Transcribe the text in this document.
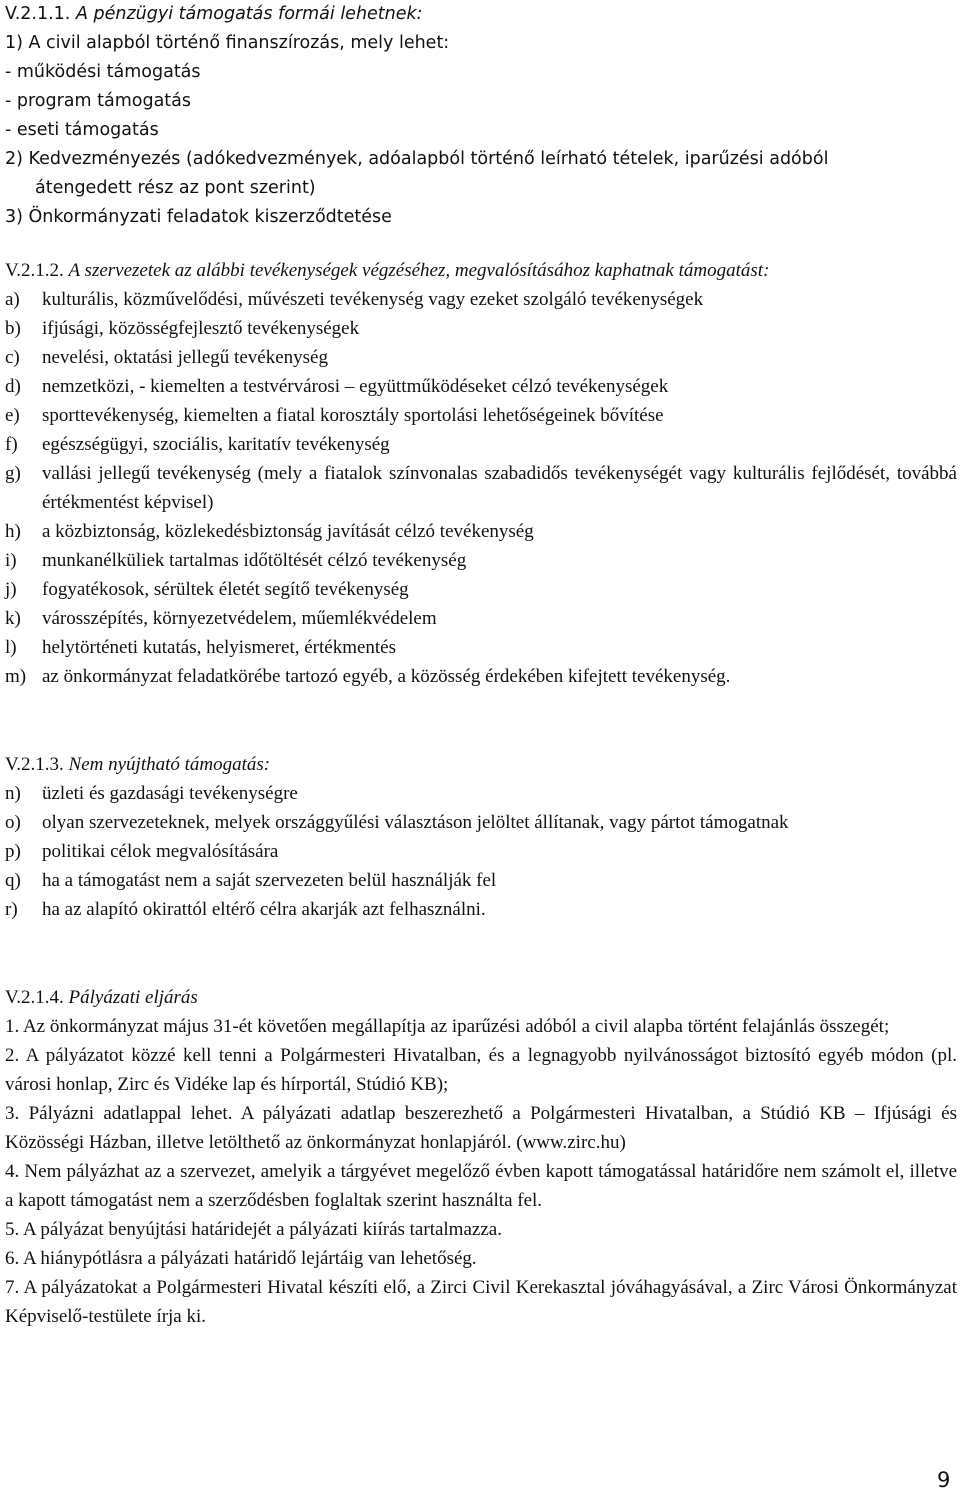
V.2.1.1. A pénzügyi támogatás formái lehetnek:
1) A civil alapból történő finanszírozás, mely lehet:
- működési támogatás
- program támogatás
- eseti támogatás
2) Kedvezményezés (adókedvezmények, adóalapból történő leírható tételek, iparűzési adóból
átengedett rész az pont szerint)
3) Önkormányzati feladatok kiszerződtetése
V.2.1.2. A szervezetek az alábbi tevékenységek végzéséhez, megvalósításához kaphatnak támogatást:
a)	kulturális, közművelődési, művészeti tevékenység vagy ezeket szolgáló tevékenységek
b)	ifjúsági, közösségfejlesztő tevékenységek
c)	nevelési, oktatási jellegű tevékenység
d)	nemzetközi, - kiemelten a testvérvárosi – együttműködéseket célzó tevékenységek
e)	sporttevékenység, kiemelten a fiatal korosztály sportolási lehetőségeinek bővítése
f)	egészségügyi, szociális, karitatív tevékenység
g)	vallási jellegű tevékenység (mely a fiatalok színvonalas szabadidős tevékenységét vagy kulturális fejlődését, továbbá értékmentést képvisel)
h)	a közbiztonság, közlekedésbiztonság javítását célzó tevékenység
i)	munkanélküliek tartalmas időtöltését célzó tevékenység
j)	fogyatékosok, sérültek életét segítő tevékenység
k)	városszépítés, környezetvédelem, műemlékvédelem
l)	helytörténeti kutatás, helyismeret, értékmentés
m) az önkormányzat feladatkörébe tartozó egyéb, a közösség érdekében kifejtett tevékenység.
V.2.1.3. Nem nyújtható támogatás:
n)	üzleti és gazdasági tevékenységre
o)	olyan szervezeteknek, melyek országgyűlési választáson jelöltet állítanak, vagy pártot támogatnak
p)	politikai célok megvalósítására
q)	ha a támogatást nem a saját szervezeten belül használják fel
r)	ha az alapító okirattól eltérő célra akarják azt felhasználni.
V.2.1.4. Pályázati eljárás
1. Az önkormányzat május 31-ét követően megállapítja az iparűzési adóból a civil alapba történt felajánlás összegét;
2. A pályázatot közzé kell tenni a Polgármesteri Hivatalban, és a legnagyobb nyilvánosságot biztosító egyéb módon (pl. városi honlap, Zirc és Vidéke lap és hírportál, Stúdió KB);
3. Pályázni adatlappal lehet. A pályázati adatlap beszerezhető a Polgármesteri Hivatalban, a Stúdió KB – Ifjúsági és Közösségi Házban, illetve letölthető az önkormányzat honlapjáról. (www.zirc.hu)
4. Nem pályázhat az a szervezet, amelyik a tárgyévet megelőző évben kapott támogatással határidőre nem számolt el, illetve a kapott támogatást nem a szerződésben foglaltak szerint használta fel.
5. A pályázat benyújtási határidejét a pályázati kiírás tartalmazza.
6. A hiánypótlásra a pályázati határidő lejártáig van lehetőség.
7. A pályázatokat a Polgármesteri Hivatal készíti elő, a Zirci Civil Kerekasztal jóváhagyásával, a Zirc Városi Önkormányzat Képviselő-testülete írja ki.
9
